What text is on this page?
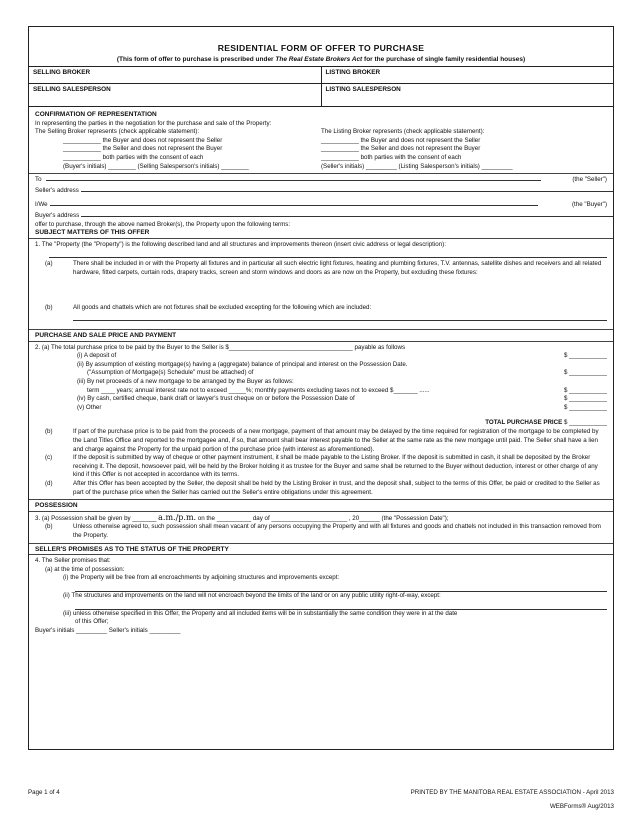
RESIDENTIAL FORM OF OFFER TO PURCHASE
(This form of offer to purchase is prescribed under The Real Estate Brokers Act for the purchase of single family residential houses)
SELLING BROKER	LISTING BROKER
SELLING SALESPERSON	LISTING SALESPERSON
CONFIRMATION OF REPRESENTATION
In representing the parties in the negotiation for the purchase and sale of the Property:
The Selling Broker represents (check applicable statement):
___________ the Buyer and does not represent the Seller
___________ the Seller and does not represent the Buyer
___________ both parties with the consent of each
(Buyer's initials) ________ (Selling Salesperson's initials) ________
The Listing Broker represents (check applicable statement):
___________ the Buyer and does not represent the Seller
___________ the Seller and does not represent the Buyer
___________ both parties with the consent of each
(Seller's initials) _________ (Listing Salesperson's initials) _________
To	(the "Seller")
Seller's address
I/We	(the "Buyer")
Buyer's address
offer to purchase, through the above named Broker(s), the Property upon the following terms:
SUBJECT MATTERS OF THIS OFFER
1. The "Property (the "Property") is the following described land and all structures and improvements thereon (insert civic address or legal description):
(a)	There shall be included in or with the Property all fixtures and in particular all such electric light fixtures, heating and plumbing fixtures, T.V. antennas, satellite dishes and receivers and all related hardware, fitted carpets, curtain rods, drapery tracks, screen and storm windows and doors as are now on the Property, but excluding these fixtures:
(b)	All goods and chattels which are not fixtures shall be excluded excepting for the following which are included:
PURCHASE AND SALE PRICE AND PAYMENT
2. (a) The total purchase price to be paid by the Buyer to the Seller is $____________________________________ payable as follows
(i) A deposit of	$ ___________
(ii) By assumption of existing mortgage(s) having a (aggregate) balance of principal and interest on the Possession Date.
("Assumption of Mortgage(s) Schedule" must be attached) of	$ ___________
(iii) By net proceeds of a new mortgage to be arranged by the Buyer as follows:
term ____ years; annual interest rate not to exceed _____%; monthly payments excluding taxes not to exceed $_______ ......	$ ___________
(iv) By cash, certified cheque, bank draft or lawyer's trust cheque on or before the Possession Date of	$ ___________
(v) Other	$ ___________
TOTAL PURCHASE PRICE $ ___________
(b)	If part of the purchase price is to be paid from the proceeds of a new mortgage, payment of that amount may be delayed by the time required for registration of the mortgage to be completed by the Land Titles Office and reported to the mortgagee and, if so, that amount shall bear interest payable to the Seller at the same rate as the new mortgage until paid. The Seller shall have a lien and charge against the Property for the unpaid portion of the purchase price (with interest as aforementioned).
(c)	If the deposit is submitted by way of cheque or other payment instrument, it shall be made payable to the Listing Broker. If the deposit is submitted in cash, it shall be deposited by the Broker receiving it. The deposit, howsoever paid, will be held by the Broker holding it as trustee for the Buyer and same shall be returned to the Buyer without deduction, interest or other charge of any kind if this Offer is not accepted in accordance with its terms.
(d)	After this Offer has been accepted by the Seller, the deposit shall be held by the Listing Broker in trust, and the deposit shall, subject to the terms of this Offer, be paid or credited to the Seller as part of the purchase price when the Seller has carried out the Seller's entire obligations under this agreement.
POSSESSION
3. (a) Possession shall be given by _______ a.m./p.m. on the __________ day of ______________________ , 20______ (the "Possession Date");
(b)	Unless otherwise agreed to, such possession shall mean vacant of any persons occupying the Property and with all fixtures and goods and chattels not included in this transaction removed from the Property.
SELLER'S PROMISES AS TO THE STATUS OF THE PROPERTY
4. The Seller promises that:
(a) at the time of possession:
(i) the Property will be free from all encroachments by adjoining structures and improvements except:
(ii) The structures and improvements on the land will not encroach beyond the limits of the land or on any public utility right-of-way, except:
(iii) unless otherwise specified in this Offer, the Property and all included items will be in substantially the same condition they were in at the date
of this Offer;
Buyer's initials _________ Seller's initials _________
Page 1 of 4	PRINTED BY THE MANITOBA REAL ESTATE ASSOCIATION - April 2013
WEBForms® Aug/2013
